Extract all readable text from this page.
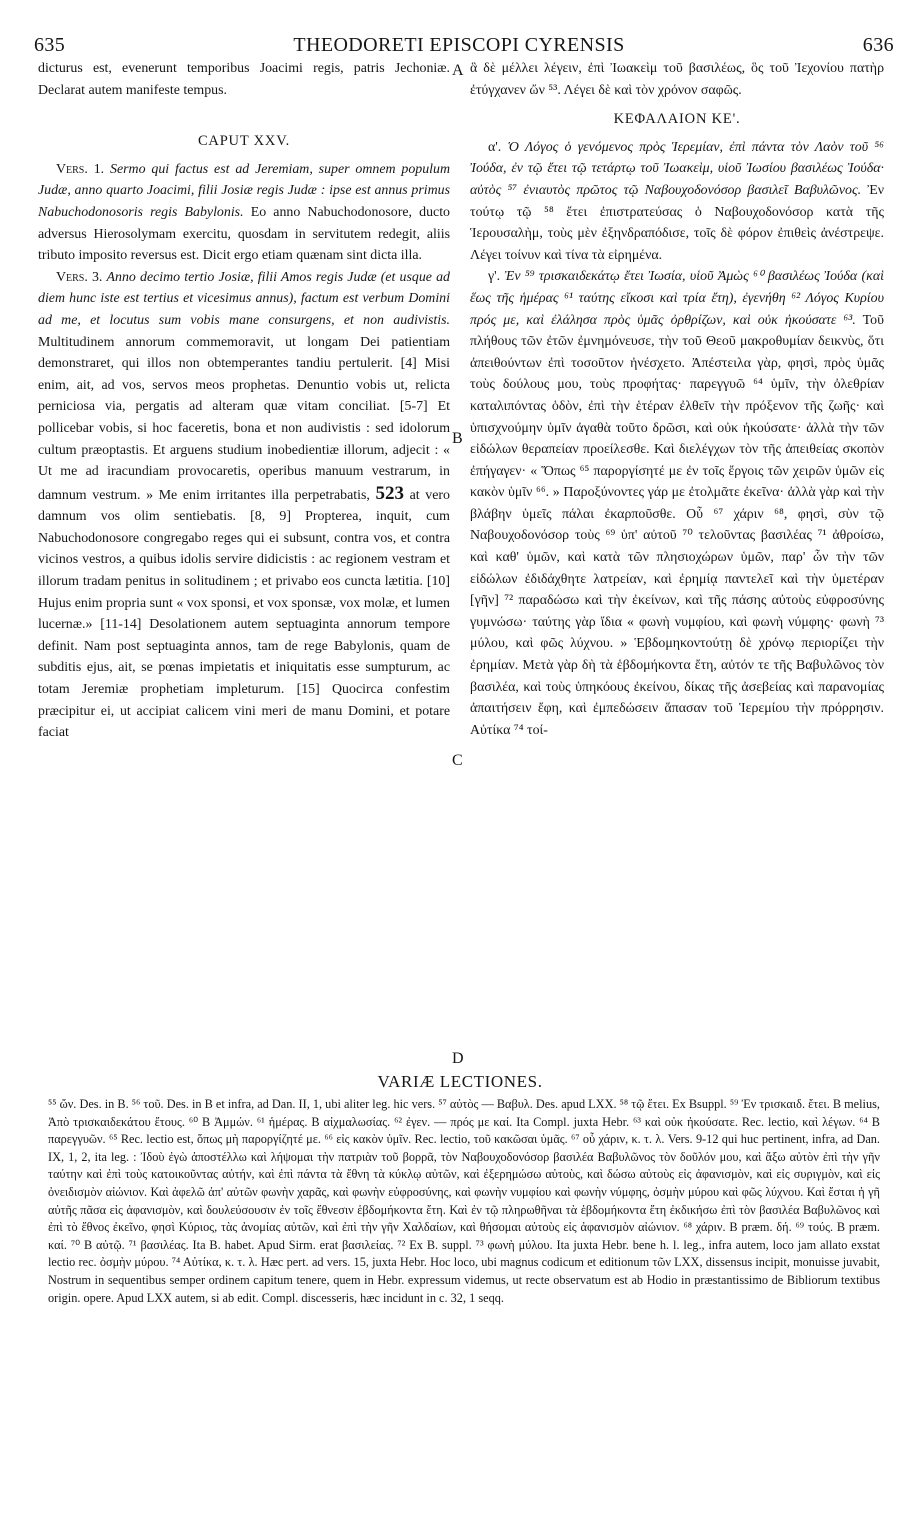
635	THEODORETI EPISCOPI CYRENSIS	636

dicturus est, evenerunt temporibus Joacimi regis, patris Jechoniæ. Declarat autem manifeste tempus.

CAPUT XXV.

Vers. 1. Sermo qui factus est ad Jeremiam, super omnem populum Judæ, anno quarto Joacimi, filii Josiæ regis Judæ : ipse est annus primus Nabuchodonosoris regis Babylonis. Eo anno Nabuchodonosore, ducto adversus Hierosolymam exercitu, quosdam in servitutem redegit, aliis tributo imposito reversus est. Dicit ergo etiam quænam sint dicta illa.

Vers. 3. Anno decimo tertio Josiæ, filii Amos regis Judæ (et usque ad diem hunc iste est tertius et vicesimus annus), factum est verbum Domini ad me, et locutus sum vobis mane consurgens, et non audivistis. Multitudinem annorum commemoravit, ut longam Dei patientiam demonstraret, qui illos non obtemperantes tandiu pertulerit. [4] Misi enim, ait, ad vos, servos meos prophetas. Denuntio vobis ut, relicta perniciosa via, pergatis ad alteram quæ vitam conciliat. [5-7] Et pollicebar vobis, si hoc faceretis, bona et non audivistis : sed idolorum cultum præoptastis. Et arguens studium inobedientiæ illorum, adjecit : « Ut me ad iracundiam provocaretis, operibus manuum vestrarum, in damnum vestrum. » Me enim irritantes illa perpetrabatis, 523 at vero damnum vos olim sentiebatis. [8, 9] Propterea, inquit, cum Nabuchodonosore congregabo reges qui ei subsunt, contra vos, et contra vicinos vestros, a quibus idolis servire didicistis : ac regionem vestram et illorum tradam penitus in solitudinem ; et privabo eos cuncta lætitia. [10] Hujus enim propria sunt « vox sponsi, et vox sponsæ, vox molæ, et lumen lucernæ.» [11-14] Desolationem autem septuaginta annorum tempore definit. Nam post septuaginta annos, tam de rege Babylonis, quam de subditis ejus, ait, se pœnas impietatis et iniquitatis esse sumpturum, ac totam Jeremiæ prophetiam impleturum. [15] Quocirca confestim præcipitur ei, ut accipiat calicem vini meri de manu Domini, et potare faciat

A
B
C
D

ἃ δὲ μέλλει λέγειν, ἐπὶ Ἰωακεὶμ τοῦ βασιλέως, ὃς τοῦ Ἰεχονίου πατὴρ ἐτύγχανεν ὤν ⁵³. Λέγει δὲ καὶ τὸν χρόνον σαφῶς.

ΚΕΦΑΛΑΙΟΝ ΚΕ'.

α'. Ὁ Λόγος ὁ γενόμενος πρὸς Ἱερεμίαν, ἐπὶ πάντα τὸν Λαὸν τοῦ ⁵⁶ Ἰούδα, ἐν τῷ ἔτει τῷ τετάρτῳ τοῦ Ἰωακεὶμ, υἱοῦ Ἰωσίου βασιλέως Ἰούδα· αὐτὸς ⁵⁷ ἐνιαυτὸς πρῶτος τῷ Ναβουχοδονόσορ βασιλεῖ Βαβυλῶνος. Ἐν τούτῳ τῷ ⁵⁸ ἔτει ἐπιστρατεύσας ὁ Ναβουχοδονόσορ κατὰ τῆς Ἱερουσαλὴμ, τοὺς μὲν ἐξηνδραπόδισε, τοῖς δὲ φόρον ἐπιθεὶς ἀνέστρεψε. Λέγει τοίνυν καὶ τίνα τὰ εἰρημένα.

γ'. Ἐν ⁵⁹ τρισκαιδεκάτῳ ἔτει Ἰωσία, υἱοῦ Ἀμὼς ⁶⁰ βασιλέως Ἰούδα (καὶ ἕως τῆς ἡμέρας ⁶¹ ταύτης εἴκοσι καὶ τρία ἔτη), ἐγενήθη ⁶² Λόγος Κυρίου πρός με, καὶ ἐλάλησα πρὸς ὑμᾶς ὀρθρίζων, καὶ οὐκ ἠκούσατε ⁶³. Τοῦ πλήθους τῶν ἐτῶν ἐμνημόνευσε, τὴν τοῦ Θεοῦ μακροθυμίαν δεικνὺς, ὅτι ἀπειθούντων ἐπὶ τοσοῦτον ἠνέσχετο. Ἀπέστειλα γὰρ, φησὶ, πρὸς ὑμᾶς τοὺς δούλους μου, τοὺς προφήτας· παρεγγυῶ ⁶⁴ ὑμῖν, τὴν ὀλεθρίαν καταλιπόντας ὁδὸν, ἐπὶ τὴν ἑτέραν ἐλθεῖν τὴν πρόξενον τῆς ζωῆς· καὶ ὑπισχνούμην ὑμῖν ἀγαθὰ τοῦτο δρῶσι, καὶ οὐκ ἠκούσατε· ἀλλὰ τὴν τῶν εἰδώλων θεραπείαν προείλεσθε. Καὶ διελέγχων τὸν τῆς ἀπειθείας σκοπὸν ἐπήγαγεν· « Ὅπως ⁶⁵ παροργίσητέ με ἐν τοῖς ἔργοις τῶν χειρῶν ὑμῶν εἰς κακὸν ὑμῖν ⁶⁶. » Παροξύνοντες γάρ με ἐτολμᾶτε ἐκεῖνα· ἀλλὰ γὰρ καὶ τὴν βλάβην ὑμεῖς πάλαι ἐκαρποῦσθε. Οὗ ⁶⁷ χάριν ⁶⁸, φησὶ, σὺν τῷ Ναβουχοδονόσορ τοὺς ⁶⁹ ὑπ' αὐτοῦ ⁷⁰ τελοῦντας βασιλέας ⁷¹ ἀθροίσω, καὶ καθ' ὑμῶν, καὶ κατὰ τῶν πλησιοχώρων ὑμῶν, παρ' ὧν τὴν τῶν εἰδώλων ἐδιδάχθητε λατρείαν, καὶ ἐρημίᾳ παντελεῖ καὶ τὴν ὑμετέραν [γῆν] ⁷² παραδώσω καὶ τὴν ἐκείνων, καὶ τῆς πάσης αὐτοὺς εὐφροσύνης γυμνώσω· ταύτης γὰρ ἴδια « φωνὴ νυμφίου, καὶ φωνὴ νύμφης· φωνὴ ⁷³ μύλου, καὶ φῶς λύχνου. » Ἑβδομηκοντούτῃ δὲ χρόνῳ περιορίζει τὴν ἐρημίαν. Μετὰ γὰρ δὴ τὰ ἑβδομήκοντα ἔτη, αὐτόν τε τῆς Βαβυλῶνος τὸν βασιλέα, καὶ τοὺς ὑπηκόους ἐκείνου, δίκας τῆς ἀσεβείας καὶ παρανομίας ἀπαιτήσειν ἔφη, καὶ ἐμπεδώσειν ἅπασαν τοῦ Ἱερεμίου τὴν πρόρρησιν. Αὐτίκα ⁷⁴ τοί-

VARIÆ LECTIONES.

⁵⁵ ὤν. Des. in B. ⁵⁶ τοῦ. Des. in B et infra, ad Dan. II, 1, ubi aliter leg. hic vers. ⁵⁷ αὐτὸς — Βαβυλ. Des. apud LXX. ⁵⁸ τῷ ἔτει. Ex Bsuppl. ⁵⁹ Ἐν τρισκαιδ. ἔτει. B melius, Ἀπὸ τρισκαιδεκάτου ἔτους. ⁶⁰ B Ἀμμών. ⁶¹ ἡμέρας. B αἰχμαλωσίας. ⁶² ἐγεν. — πρός με καί. Ita Compl. juxta Hebr. ⁶³ καὶ οὐκ ἠκούσατε. Rec. lectio, καὶ λέγων. ⁶⁴ B παρεγγυῶν. ⁶⁵ Rec. lectio est, ὅπως μὴ παροργίζητέ με. ⁶⁶ εἰς κακὸν ὑμῖν. Rec. lectio, τοῦ κακῶσαι ὑμᾶς. ⁶⁷ οὗ χάριν, κ. τ. λ. Vers. 9-12 qui huc pertinent, infra, ad Dan. IX, 1, 2, ita leg. : Ἰδοὺ ἐγὼ ἀποστέλλω καὶ λήψομαι τὴν πατριὰν τοῦ βορρᾶ, τὸν Ναβουχοδονόσορ βασιλέα Βαβυλῶνος τὸν δοῦλόν μου, καὶ ἄξω αὐτὸν ἐπὶ τὴν γῆν ταύτην καὶ ἐπὶ τοὺς κατοικοῦντας αὐτήν, καὶ ἐπὶ πάντα τὰ ἔθνη τὰ κύκλῳ αὐτῶν, καὶ ἐξερημώσω αὐτοὺς, καὶ δώσω αὐτοὺς εἰς ἀφανισμὸν, καὶ εἰς συριγμὸν, καὶ εἰς ὀνειδισμὸν αἰώνιον. Καὶ ἀφελῶ ἀπ' αὐτῶν φωνὴν χαρᾶς, καὶ φωνὴν εὐφροσύνης, καὶ φωνὴν νυμφίου καὶ φωνὴν νύμφης, ὀσμὴν μύρου καὶ φῶς λύχνου. Καὶ ἔσται ἡ γῆ αὐτῆς πᾶσα εἰς ἀφανισμὸν, καὶ δουλεύσουσιν ἐν τοῖς ἔθνεσιν ἑβδομήκοντα ἔτη. Καὶ ἐν τῷ πληρωθῆναι τὰ ἑβδομήκοντα ἔτη ἐκδικήσω ἐπὶ τὸν βασιλέα Βαβυλῶνος καὶ ἐπὶ τὸ ἔθνος ἐκεῖνο, φησὶ Κύριος, τὰς ἀνομίας αὐτῶν, καὶ ἐπὶ τὴν γῆν Χαλδαίων, καὶ θήσομαι αὐτοὺς εἰς ἀφανισμὸν αἰώνιον. ⁶⁸ χάριν. B præm. δή. ⁶⁹ τούς. B præm. καί. ⁷⁰ B αὐτῷ. ⁷¹ βασιλέας. Ita B. habet. Apud Sirm. erat βασιλείας. ⁷² Ex B. suppl. ⁷³ φωνὴ μύλου. Ita juxta Hebr. bene h. l. leg., infra autem, loco jam allato exstat lectio rec. ὀσμὴν μύρου. ⁷⁴ Αὐτίκα, κ. τ. λ. Hæc pert. ad vers. 15, juxta Hebr. Hoc loco, ubi magnus codicum et editionum τῶν LXX, dissensus incipit, monuisse juvabit, Nostrum in sequentibus semper ordinem capitum tenere, quem in Hebr. expressum videmus, ut recte observatum est ab Hodio in præstantissimo de Bibliorum textibus origin. opere. Apud LXX autem, si ab edit. Compl. discesseris, hæc incidunt in c. 32, 1 seqq.
